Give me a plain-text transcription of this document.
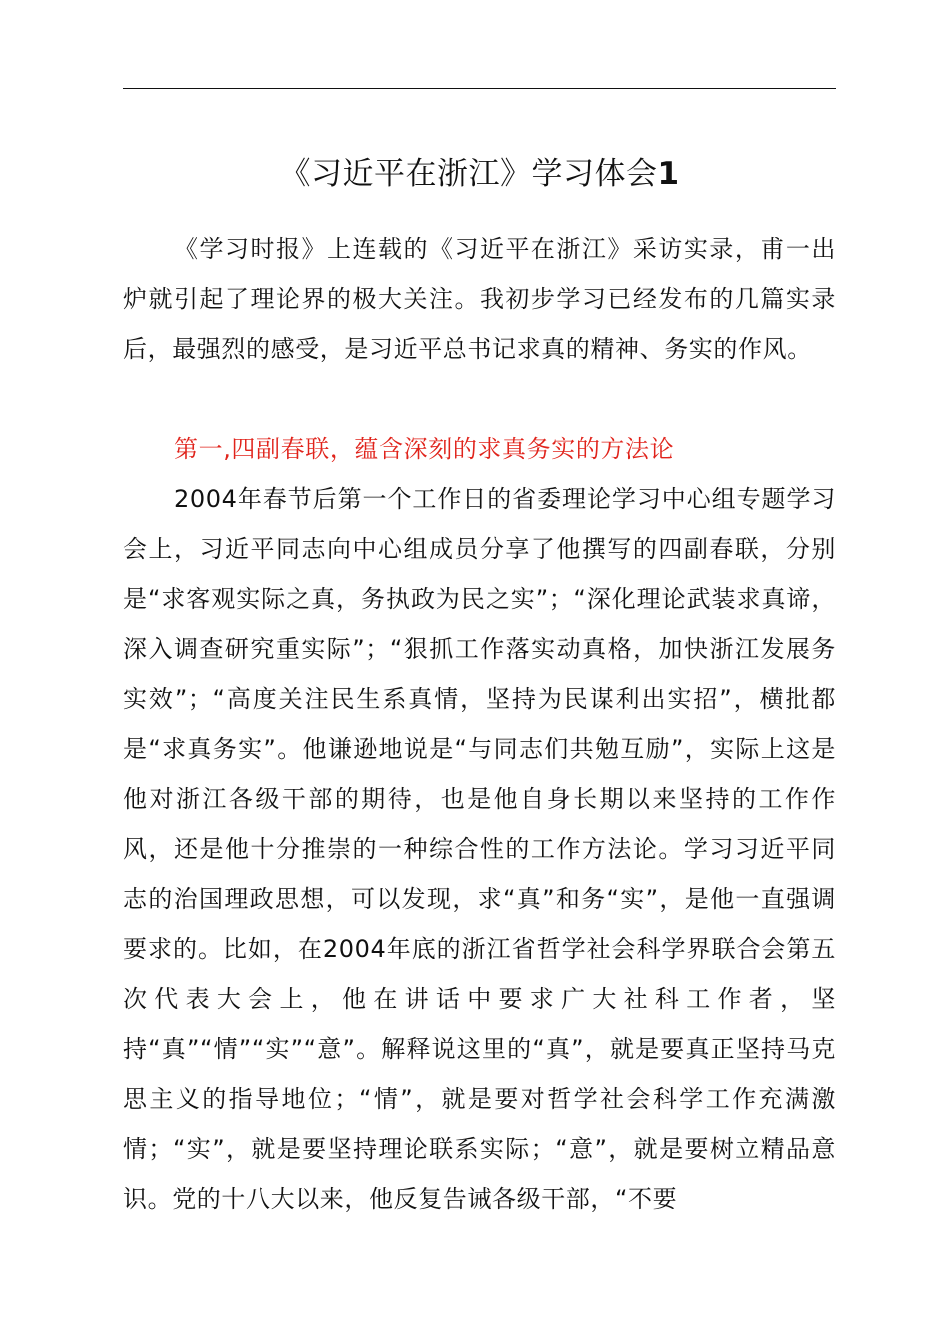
《习近平在浙江》学习体会1

《学习时报》上连载的《习近平在浙江》采访实录，甫一出炉就引起了理论界的极大关注。我初步学习已经发布的几篇实录后，最强烈的感受，是习近平总书记求真的精神、务实的作风。

第一,四副春联，蕴含深刻的求真务实的方法论

2004年春节后第一个工作日的省委理论学习中心组专题学习会上，习近平同志向中心组成员分享了他撰写的四副春联，分别是“求客观实际之真，务执政为民之实”；“深化理论武装求真谛，深入调查研究重实际”；“狠抓工作落实动真格，加快浙江发展务实效”；“高度关注民生系真情，坚持为民谋利出实招”，横批都是“求真务实”。他谦逊地说是“与同志们共勉互励”，实际上这是他对浙江各级干部的期待，也是他自身长期以来坚持的工作作风，还是他十分推崇的一种综合性的工作方法论。学习习近平同志的治国理政思想，可以发现，求“真”和务“实”，是他一直强调要求的。比如，在2004年底的浙江省哲学社会科学界联合会第五次代表大会上，他在讲话中要求广大社科工作者，坚持“真”“情”“实”“意”。解释说这里的“真”，就是要真正坚持马克思主义的指导地位；“情”，就是要对哲学社会科学工作充满激情；“实”，就是要坚持理论联系实际；“意”，就是要树立精品意识。党的十八大以来，他反复告诫各级干部，“不要
